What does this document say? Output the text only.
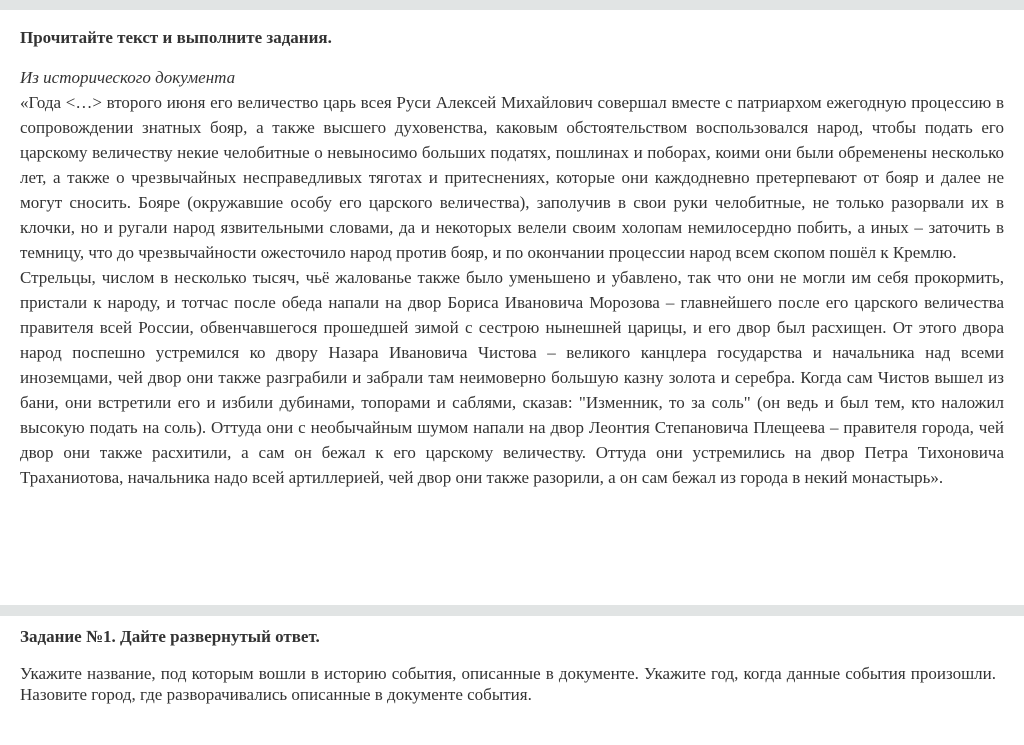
Прочитайте текст и выполните задания.

Из исторического документа

«Года <…> второго июня его величество царь всея Руси Алексей Михайлович совершал вместе с патриархом ежегодную процессию в сопровождении знатных бояр, а также высшего духовенства, каковым обстоятельством воспользовался народ, чтобы подать его царскому величеству некие челобитные о невыносимо больших податях, пошлинах и поборах, коими они были обременены несколько лет, а также о чрезвычайных несправедливых тяготах и притеснениях, которые они каждодневно претерпевают от бояр и далее не могут сносить. Бояре (окружавшие особу его царского величества), заполучив в свои руки челобитные, не только разорвали их в клочки, но и ругали народ язвительными словами, да и некоторых велели своим холопам немилосердно побить, а иных – заточить в темницу, что до чрезвычайности ожесточило народ против бояр, и по окончании процессии народ всем скопом пошёл к Кремлю.

Стрельцы, числом в несколько тысяч, чьё жалованье также было уменьшено и убавлено, так что они не могли им себя прокормить, пристали к народу, и тотчас после обеда напали на двор Бориса Ивановича Морозова – главнейшего после его царского величества правителя всей России, обвенчавшегося прошедшей зимой с сестрою нынешней царицы, и его двор был расхищен. От этого двора народ поспешно устремился ко двору Назара Ивановича Чистова – великого канцлера государства и начальника над всеми иноземцами, чей двор они также разграбили и забрали там неимоверно большую казну золота и серебра. Когда сам Чистов вышел из бани, они встретили его и избили дубинами, топорами и саблями, сказав: "Изменник, то за соль" (он ведь и был тем, кто наложил высокую подать на соль). Оттуда они с необычайным шумом напали на двор Леонтия Степановича Плещеева – правителя города, чей двор они также расхитили, а сам он бежал к его царскому величеству. Оттуда они устремились на двор Петра Тихоновича Траханиотова, начальника надо всей артиллерией, чей двор они также разорили, а он сам бежал из города в некий монастырь».

Задание №1. Дайте развернутый ответ.

Укажите название, под которым вошли в историю события, описанные в документе. Укажите год, когда данные события произошли. Назовите город, где разворачивались описанные в документе события.
